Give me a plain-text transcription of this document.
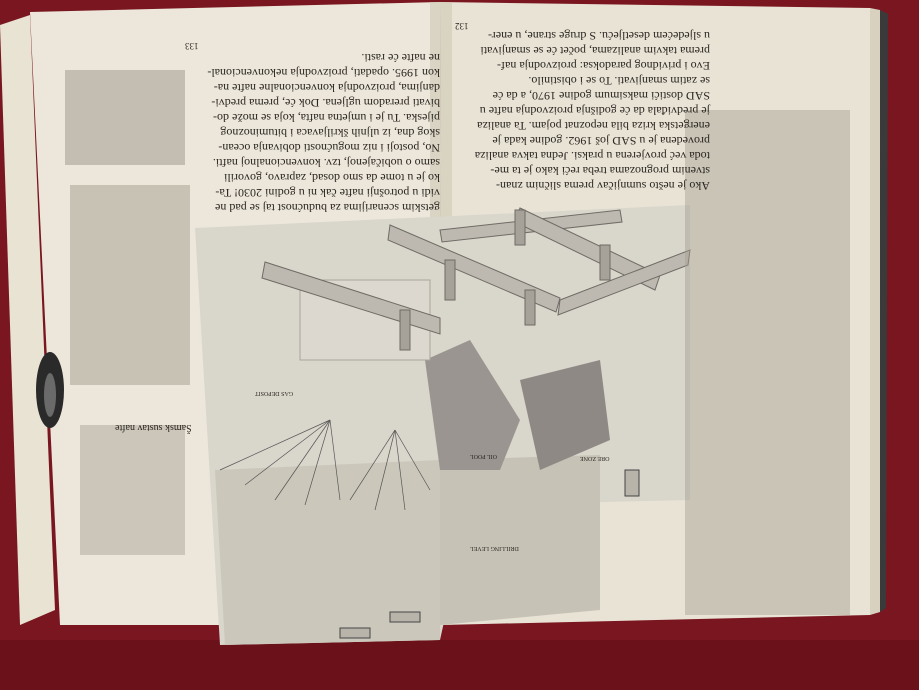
Ako je nešto sumnjičav prema sličnim znan-
stvenim prognozama treba reći kako je ta me-
toda već provjerena u praksi. Jedna takva analiza
provedena je u SAD još 1962. godine kada je
energetska kriza bila nepoznat pojam. Ta analiza
je predviđala da će godišnja proizvodnja nafte u
SAD dostići maksimum godine 1970, a da će
se zatim smanjivati. To se i obistinilo.
Evo i prividnog paradoksa: proizvodnja naf-
prema takvim analizama, počet će se smanjivati
u sljedećem desetljeću. S druge strane, u ener-
132
getskim scenarijima za budućnost taj se pad ne
vidi u potrošnji nafte čak ni u godini 2030! Ta-
ko je u tome da smo dosad, zapravo, govorili
samo o uobičajenoj, tzv. konvencionalnoj nafti.
No, postoji i niz mogućnosti dobivanja ocean-
skog dna, iz uljnih škriljavaca i bituminoznog
pijeska. Tu je i umjetna nafta, koja se može do-
bivati preradom ugljena. Dok će, prema predvi-
danjima, proizvodnja konvencionalne nafte na-
kon 1995. opadati, proizvodnja nekonvencional-
ne nafte će rasti.
133
Šamsk sustav nafte
GAS DEPOSIT
OIL POOL
DRILLING LEVEL
ORE ZONE
